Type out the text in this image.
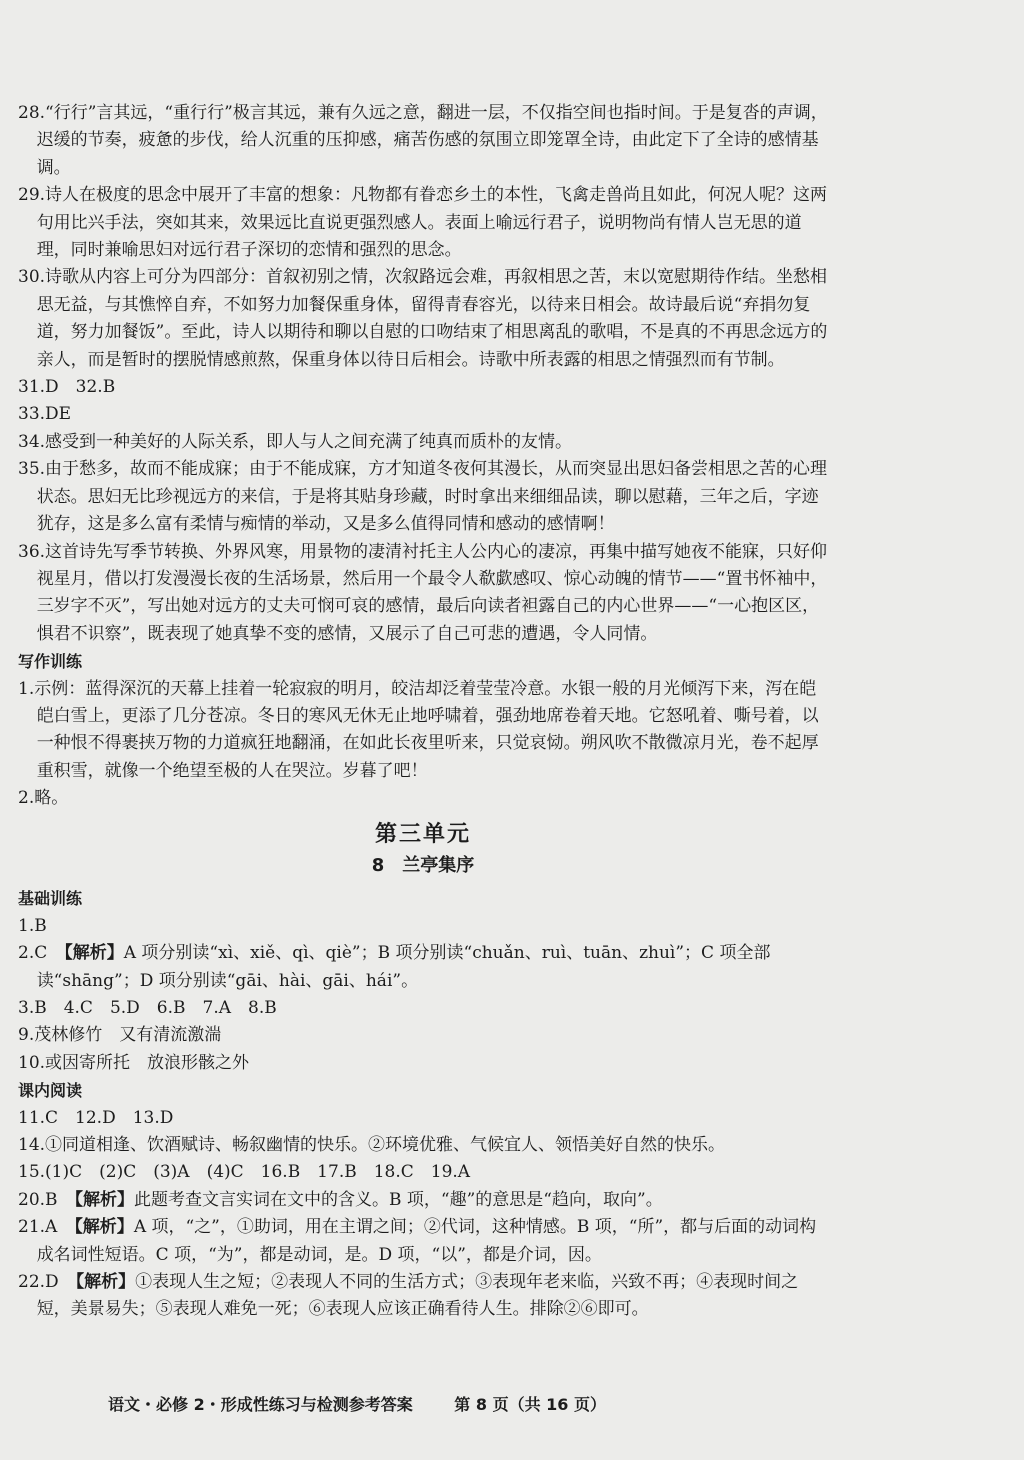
28.“行行”言其远，“重行行”极言其远，兼有久远之意，翻进一层，不仅指空间也指时间。于是复沓的声调，迟缓的节奏，疲惫的步伐，给人沉重的压抑感，痛苦伤感的氛围立即笼罩全诗，由此定下了全诗的感情基调。

29.诗人在极度的思念中展开了丰富的想象：凡物都有眷恋乡土的本性，飞禽走兽尚且如此，何况人呢？这两句用比兴手法，突如其来，效果远比直说更强烈感人。表面上喻远行君子，说明物尚有情人岂无思的道理，同时兼喻思妇对远行君子深切的恋情和强烈的思念。

30.诗歌从内容上可分为四部分：首叙初别之情，次叙路远会难，再叙相思之苦，末以宽慰期待作结。坐愁相思无益，与其憔悴自弃，不如努力加餐保重身体，留得青春容光，以待来日相会。故诗最后说“弃捐勿复道，努力加餐饭”。至此，诗人以期待和聊以自慰的口吻结束了相思离乱的歌唱，不是真的不再思念远方的亲人，而是暂时的摆脱情感煎熬，保重身体以待日后相会。诗歌中所表露的相思之情强烈而有节制。

31.D　32.B

33.DE

34.感受到一种美好的人际关系，即人与人之间充满了纯真而质朴的友情。

35.由于愁多，故而不能成寐；由于不能成寐，方才知道冬夜何其漫长，从而突显出思妇备尝相思之苦的心理状态。思妇无比珍视远方的来信，于是将其贴身珍藏，时时拿出来细细品读，聊以慰藉，三年之后，字迹犹存，这是多么富有柔情与痴情的举动，又是多么值得同情和感动的感情啊！

36.这首诗先写季节转换、外界风寒，用景物的凄清衬托主人公内心的凄凉，再集中描写她夜不能寐，只好仰视星月，借以打发漫漫长夜的生活场景，然后用一个最令人欷歔感叹、惊心动魄的情节——“置书怀袖中，三岁字不灭”，写出她对远方的丈夫可悯可哀的感情，最后向读者袒露自己的内心世界——“一心抱区区，惧君不识察”，既表现了她真挚不变的感情，又展示了自己可悲的遭遇，令人同情。

写作训练

1.示例：蓝得深沉的天幕上挂着一轮寂寂的明月，皎洁却泛着莹莹冷意。水银一般的月光倾泻下来，泻在皑皑白雪上，更添了几分苍凉。冬日的寒风无休无止地呼啸着，强劲地席卷着天地。它怒吼着、嘶号着，以一种恨不得裹挟万物的力道疯狂地翻涌，在如此长夜里听来，只觉哀恸。朔风吹不散微凉月光，卷不起厚重积雪，就像一个绝望至极的人在哭泣。岁暮了吧！

2.略。

第三单元
8　兰亭集序

基础训练

1.B

2.C　【解析】A 项分别读“xì、xiě、qì、qiè”；B 项分别读“chuǎn、ruì、tuān、zhuì”；C 项全部读“shāng”；D 项分别读“gāi、hài、gāi、hái”。

3.B　4.C　5.D　6.B　7.A　8.B

9.茂林修竹　又有清流激湍

10.或因寄所托　放浪形骸之外

课内阅读

11.C　12.D　13.D

14.①同道相逢、饮酒赋诗、畅叙幽情的快乐。②环境优雅、气候宜人、领悟美好自然的快乐。

15.(1)C　(2)C　(3)A　(4)C　16.B　17.B　18.C　19.A

20.B　【解析】此题考查文言实词在文中的含义。B 项，“趣”的意思是“趋向，取向”。

21.A　【解析】A 项，“之”，①助词，用在主谓之间；②代词，这种情感。B 项，“所”，都与后面的动词构成名词性短语。C 项，“为”，都是动词，是。D 项，“以”，都是介词，因。

22.D　【解析】①表现人生之短；②表现人不同的生活方式；③表现年老来临，兴致不再；④表现时间之短，美景易失；⑤表现人难免一死；⑥表现人应该正确看待人生。排除②⑥即可。

语文・必修 2・形成性练习与检测参考答案	第 8 页（共 16 页）
